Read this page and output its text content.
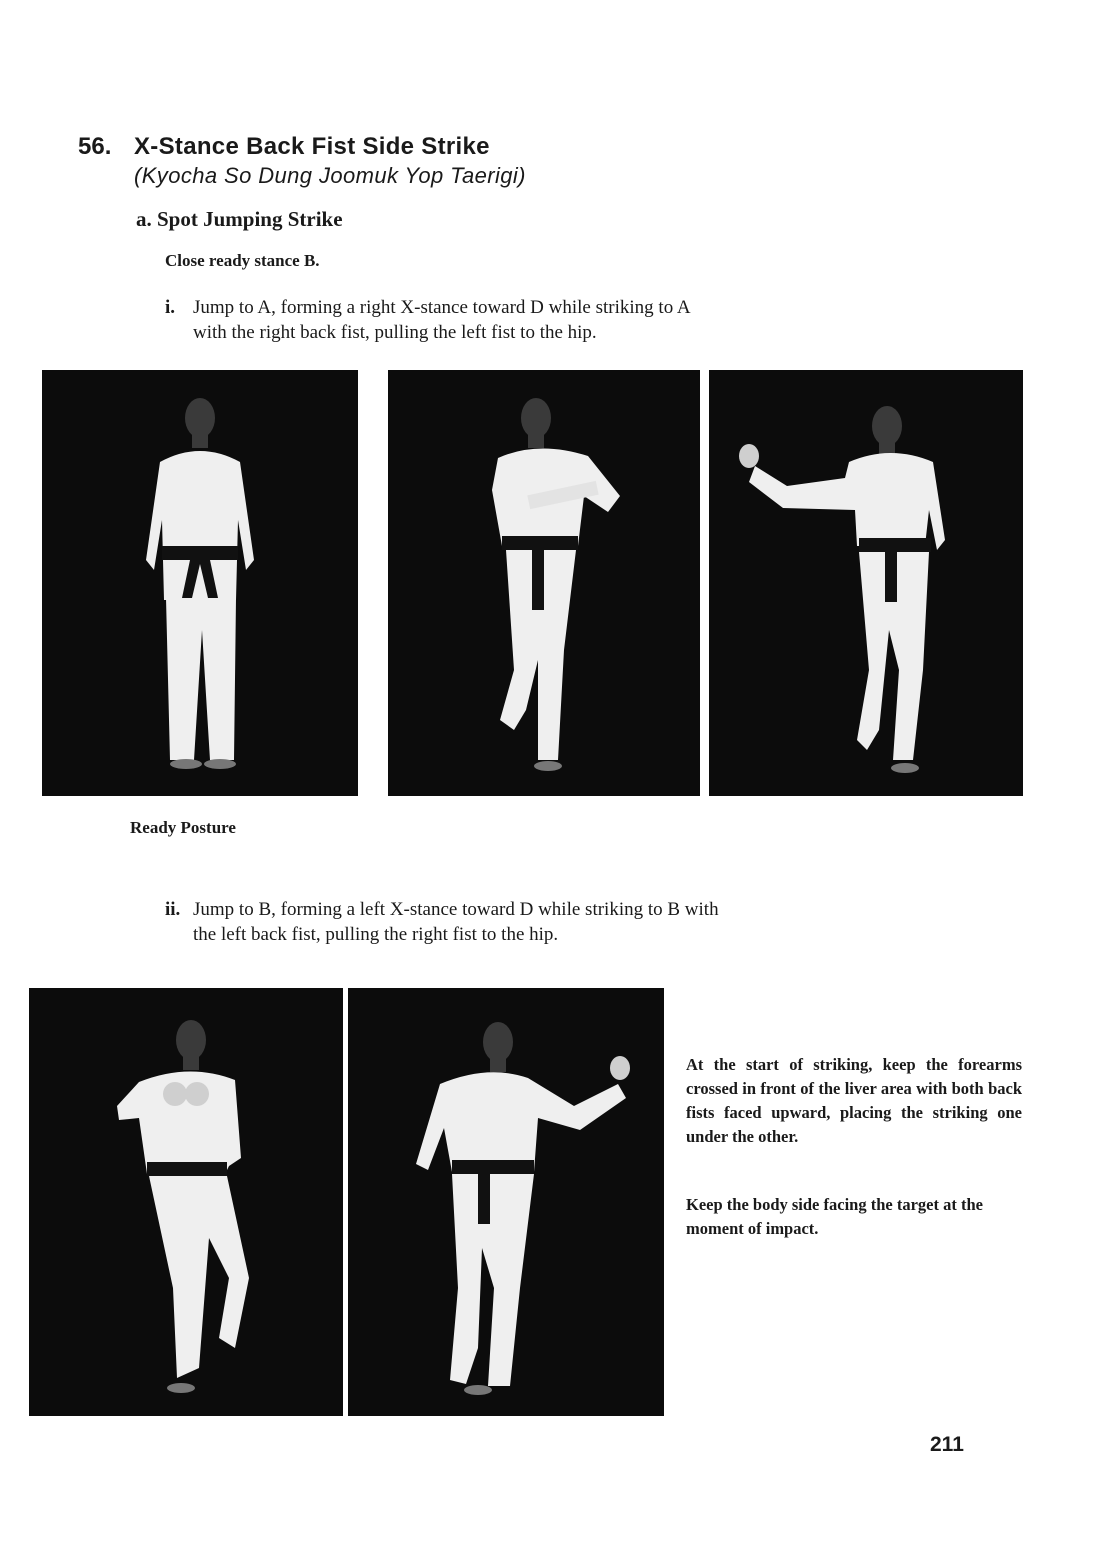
56. X-Stance Back Fist Side Strike
(Kyocha So Dung Joomuk Yop Taerigi)
a. Spot Jumping Strike
Close ready stance B.
i. Jump to A, forming a right X-stance toward D while striking to A
with the right back fist, pulling the left fist to the hip.
Ready Posture
ii. Jump to B, forming a left X-stance toward D while striking to B with
the left back fist, pulling the right fist to the hip.
At the start of striking, keep the forearms crossed in front of the liver area with both back fists faced upward, placing the striking one under the other.
Keep the body side facing the target at the moment of impact.
211
